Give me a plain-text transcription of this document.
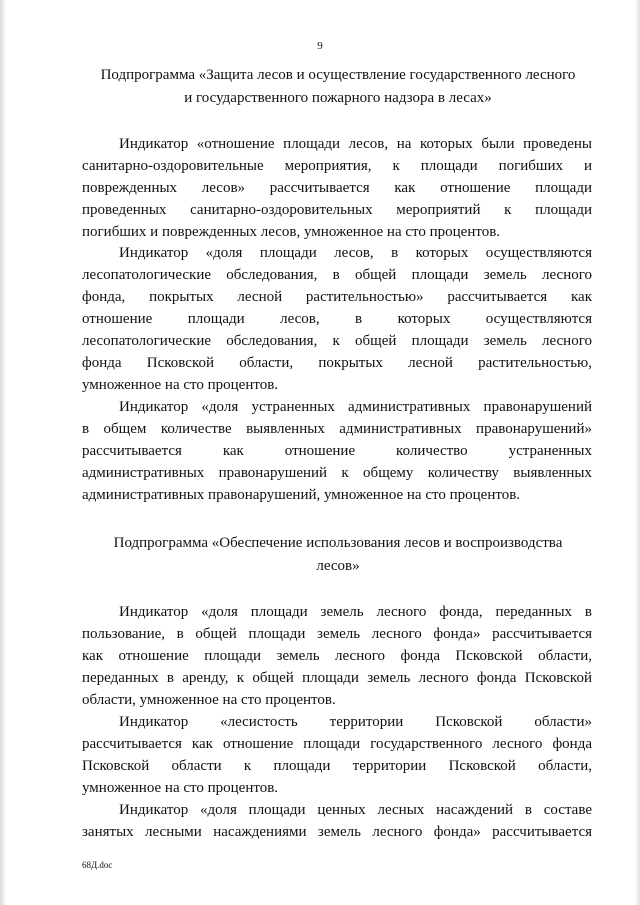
9
Подпрограмма «Защита лесов и осуществление государственного лесного
и государственного пожарного надзора в лесах»
Индикатор «отношение площади лесов, на которых были проведены
санитарно-оздоровительные мероприятия, к площади погибших и
поврежденных лесов» рассчитывается как отношение площади
проведенных санитарно-оздоровительных мероприятий к площади
погибших и поврежденных лесов, умноженное на сто процентов.
Индикатор «доля площади лесов, в которых осуществляются
лесопатологические обследования, в общей площади земель лесного
фонда, покрытых лесной растительностью» рассчитывается как
отношение площади лесов, в которых осуществляются
лесопатологические обследования, к общей площади земель лесного
фонда Псковской области, покрытых лесной растительностью,
умноженное на сто процентов.
Индикатор «доля устраненных административных правонарушений
в общем количестве выявленных административных правонарушений»
рассчитывается как отношение количество устраненных
административных правонарушений к общему количеству выявленных
административных правонарушений, умноженное на сто процентов.
Подпрограмма «Обеспечение использования лесов и воспроизводства
лесов»
Индикатор «доля площади земель лесного фонда, переданных в
пользование, в общей площади земель лесного фонда» рассчитывается
как отношение площади земель лесного фонда Псковской области,
переданных в аренду, к общей площади земель лесного фонда Псковской
области, умноженное на сто процентов.
Индикатор «лесистость территории Псковской области»
рассчитывается как отношение площади государственного лесного фонда
Псковской области к площади территории Псковской области,
умноженное на сто процентов.
Индикатор «доля площади ценных лесных насаждений в составе
занятых лесными насаждениями земель лесного фонда» рассчитывается
68Д.doc
